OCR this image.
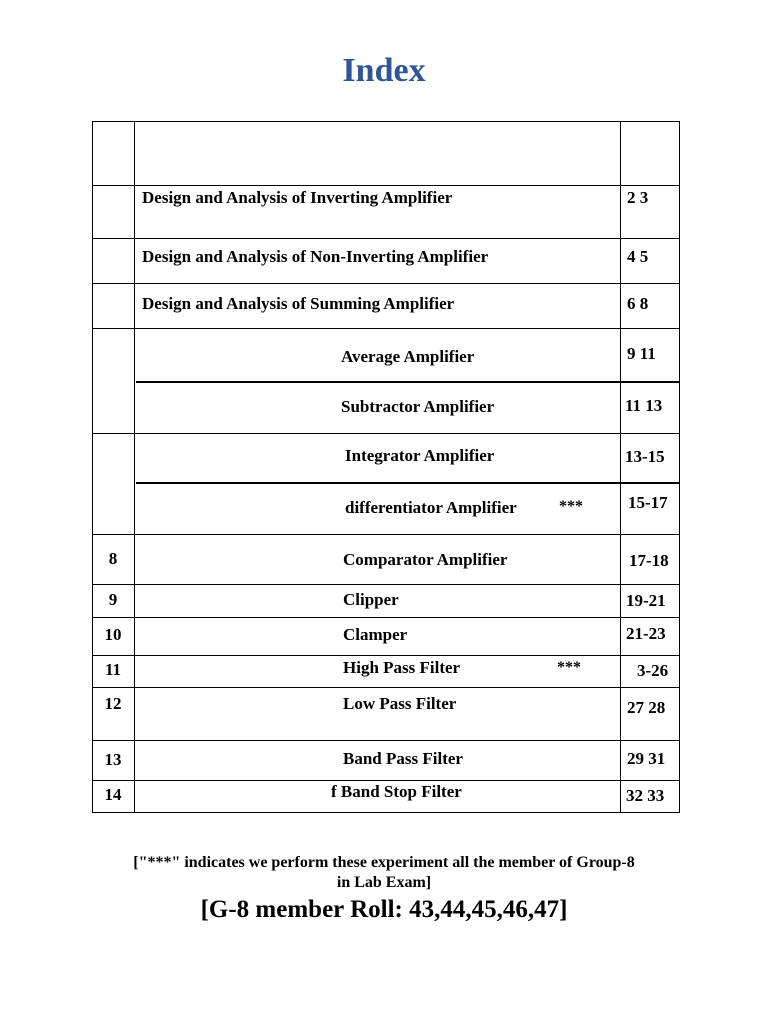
Index
Design and Analysis of Inverting Amplifier	2 3
Design and Analysis of Non-Inverting Amplifier	4 5
Design and Analysis of Summing Amplifier	6 8
Average Amplifier	9 11
Subtractor Amplifier	11 13
Integrator Amplifier	13-15
differentiator Amplifier	***	15-17
8	Comparator Amplifier	17-18
9	Clipper	19-21
10	Clamper	21-23
11	High Pass Filter	***	3-26
12	Low Pass Filter	27 28
13	Band Pass Filter	29 31
14	f Band Stop Filter	32 33
["***" indicates we perform these experiment all the member of Group-8
in Lab Exam]
[G-8 member Roll: 43,44,45,46,47]
